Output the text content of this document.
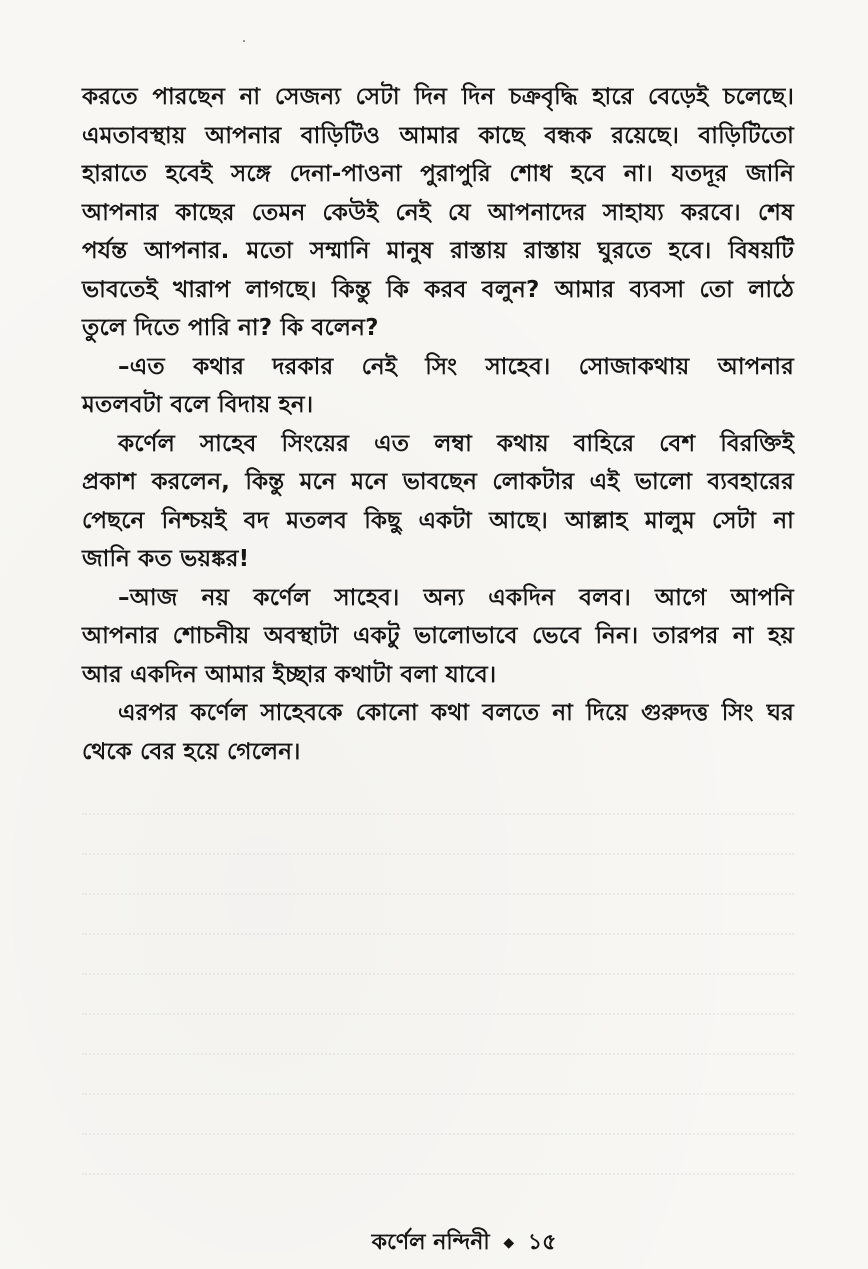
করতে পারছেন না সেজন্য সেটা দিন দিন চক্রবৃদ্ধি হারে বেড়েই চলেছে।
এমতাবস্থায় আপনার বাড়িটিও আমার কাছে বন্ধক রয়েছে। বাড়িটিতো
হারাতে হবেই সঙ্গে দেনা-পাওনা পুরাপুরি শোধ হবে না। যতদূর জানি
আপনার কাছের তেমন কেউই নেই যে আপনাদের সাহায্য করবে। শেষ
পর্যন্ত আপনার. মতো সম্মানি মানুষ রাস্তায় রাস্তায় ঘুরতে হবে। বিষয়টি
ভাবতেই খারাপ লাগছে। কিন্তু কি করব বলুন? আমার ব্যবসা তো লাঠে
তুলে দিতে পারি না? কি বলেন?
–এত কথার দরকার নেই সিং সাহেব। সোজাকথায় আপনার
মতলবটা বলে বিদায় হন।
কর্ণেল সাহেব সিংয়ের এত লম্বা কথায় বাহিরে বেশ বিরক্তিই
প্রকাশ করলেন, কিন্তু মনে মনে ভাবছেন লোকটার এই ভালো ব্যবহারের
পেছনে নিশ্চয়ই বদ মতলব কিছু একটা আছে। আল্লাহ মালুম সেটা না
জানি কত ভয়ঙ্কর!
–আজ নয় কর্ণেল সাহেব। অন্য একদিন বলব। আগে আপনি
আপনার শোচনীয় অবস্থাটা একটু ভালোভাবে ভেবে নিন। তারপর না হয়
আর একদিন আমার ইচ্ছার কথাটা বলা যাবে।
এরপর কর্ণেল সাহেবকে কোনো কথা বলতে না দিয়ে গুরুদত্ত সিং ঘর
থেকে বের হয়ে গেলেন।
কর্ণেল নন্দিনী ◆ ১৫
